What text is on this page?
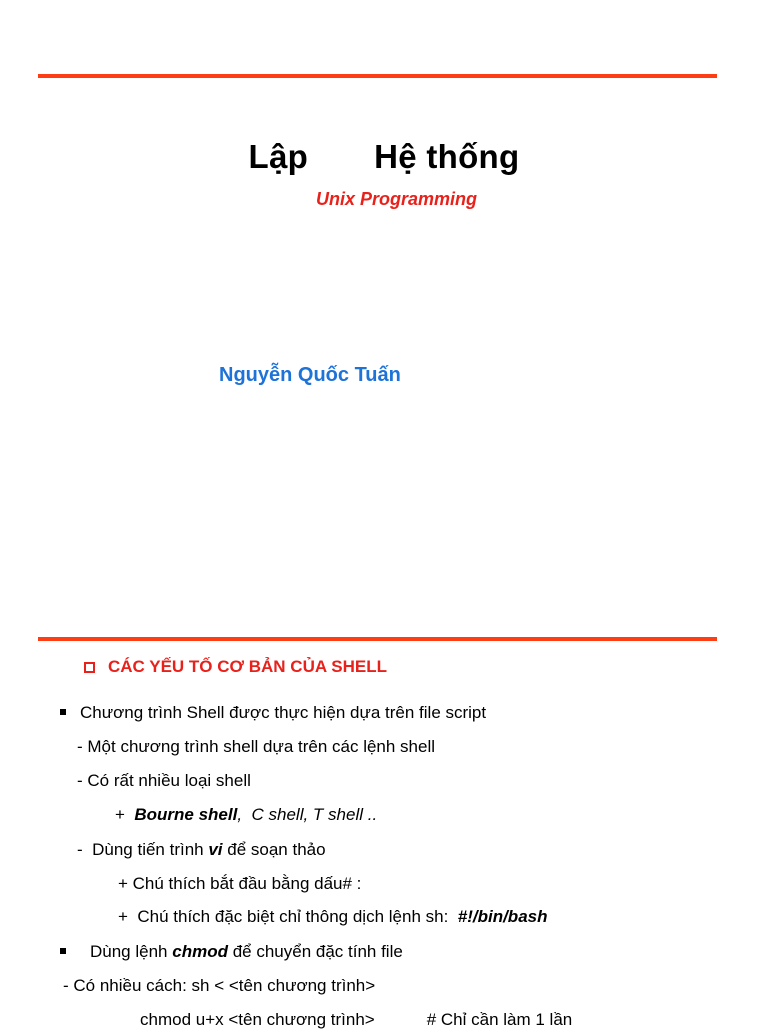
Lập Hệ thống
Unix Programming
Nguyễn Quốc Tuấn
CÁC YẾU TỐ CƠ BẢN CỦA SHELL
Chương trình Shell được thực hiện dựa trên file script
- Một chương trình shell dựa trên các lệnh shell
- Có rất nhiều loại shell
+  Bourne shell,  C shell, T shell ..
-  Dùng tiến trình vi để soạn thảo
+ Chú thích bắt đầu bằng dấu# :
+  Chú thích đặc biệt chỉ thông dịch lệnh sh:  #!/bin/bash
Dùng lệnh chmod để chuyển đặc tính file
- Có nhiều cách: sh < <tên chương trình>
chmod u+x <tên chương trình>	# Chỉ cần làm 1 lần
